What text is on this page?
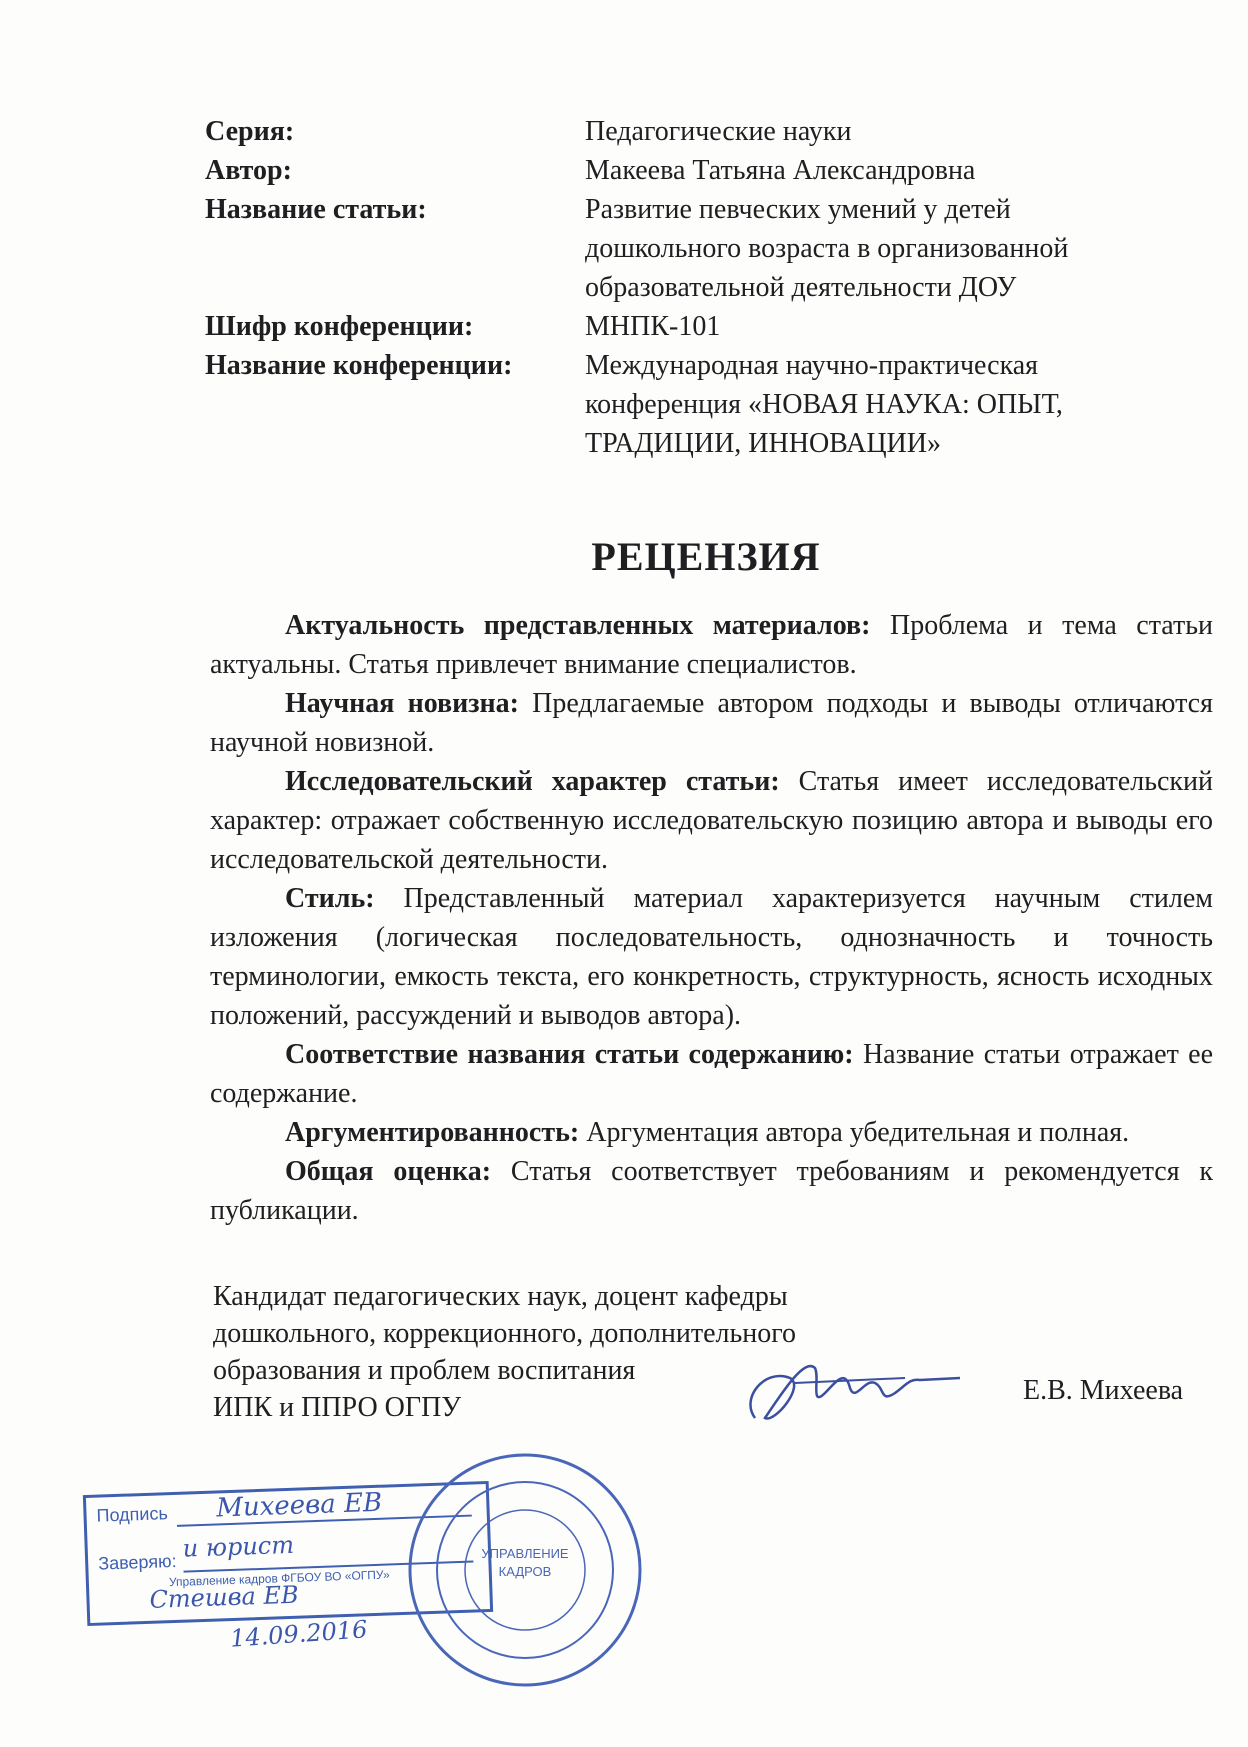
Серия:	Педагогические науки
Автор:	Макеева Татьяна Александровна
Название статьи:	Развитие певческих умений у детей
дошкольного возраста в организованной
образовательной деятельности ДОУ
Шифр конференции:	МНПК-101
Название конференции:	Международная научно-практическая
конференция «НОВАЯ НАУКА: ОПЫТ,
ТРАДИЦИИ, ИННОВАЦИИ»
РЕЦЕНЗИЯ

Актуальность представленных материалов: Проблема и тема статьи актуальны. Статья привлечет внимание специалистов.

Научная новизна: Предлагаемые автором подходы и выводы отличаются научной новизной.

Исследовательский характер статьи: Статья имеет исследовательский характер: отражает собственную исследовательскую позицию автора и выводы его исследовательской деятельности.

Стиль: Представленный материал характеризуется научным стилем изложения (логическая последовательность, однозначность и точность терминологии, емкость текста, его конкретность, структурность, ясность исходных положений, рассуждений и выводов автора).

Соответствие названия статьи содержанию: Название статьи отражает ее содержание.

Аргументированность: Аргументация автора убедительная и полная.

Общая оценка: Статья соответствует требованиям и рекомендуется к публикации.

Кандидат педагогических наук, доцент кафедры
дошкольного, коррекционного, дополнительного
образования и проблем воспитания
ИПК и ППРО ОГПУ
Е.В. Михеева
Подпись Михеева ЕВ
Заверяю: и юрист
Управление кадров ФГБОУ ВО «ОГПУ»
Стешва ЕВ
14.09.2016
УПРАВЛЕНИЕ
КАДРОВ
